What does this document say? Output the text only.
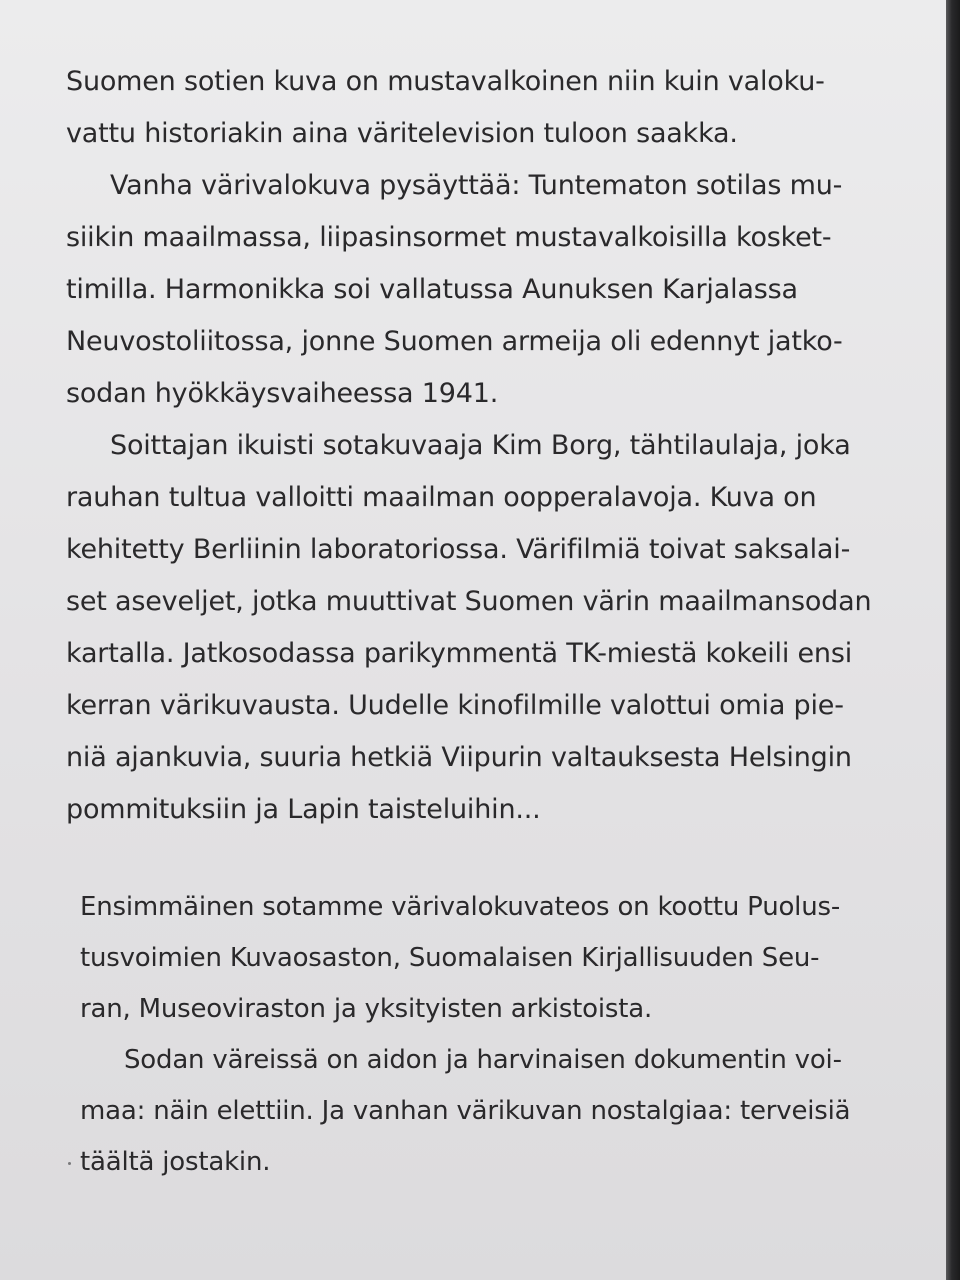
Suomen sotien kuva on mustavalkoinen niin kuin valoku-
vattu historiakin aina väritelevision tuloon saakka.
Vanha värivalokuva pysäyttää: Tuntematon sotilas mu-
siikin maailmassa, liipasinsormet mustavalkoisilla kosket-
timilla. Harmonikka soi vallatussa Aunuksen Karjalassa
Neuvostoliitossa, jonne Suomen armeija oli edennyt jatko-
sodan hyökkäysvaiheessa 1941.
Soittajan ikuisti sotakuvaaja Kim Borg, tähtilaulaja, joka
rauhan tultua valloitti maailman oopperalavoja. Kuva on
kehitetty Berliinin laboratoriossa. Värifilmiä toivat saksalai-
set aseveljet, jotka muuttivat Suomen värin maailmansodan
kartalla. Jatkosodassa parikymmentä TK-miestä kokeili ensi
kerran värikuvausta. Uudelle kinofilmille valottui omia pie-
niä ajankuvia, suuria hetkiä Viipurin valtauksesta Helsingin
pommituksiin ja Lapin taisteluihin...
Ensimmäinen sotamme värivalokuvateos on koottu Puolus-
tusvoimien Kuvaosaston, Suomalaisen Kirjallisuuden Seu-
ran, Museoviraston ja yksityisten arkistoista.
Sodan väreissä on aidon ja harvinaisen dokumentin voi-
maa: näin elettiin. Ja vanhan värikuvan nostalgiaa: terveisiä
täältä jostakin.
